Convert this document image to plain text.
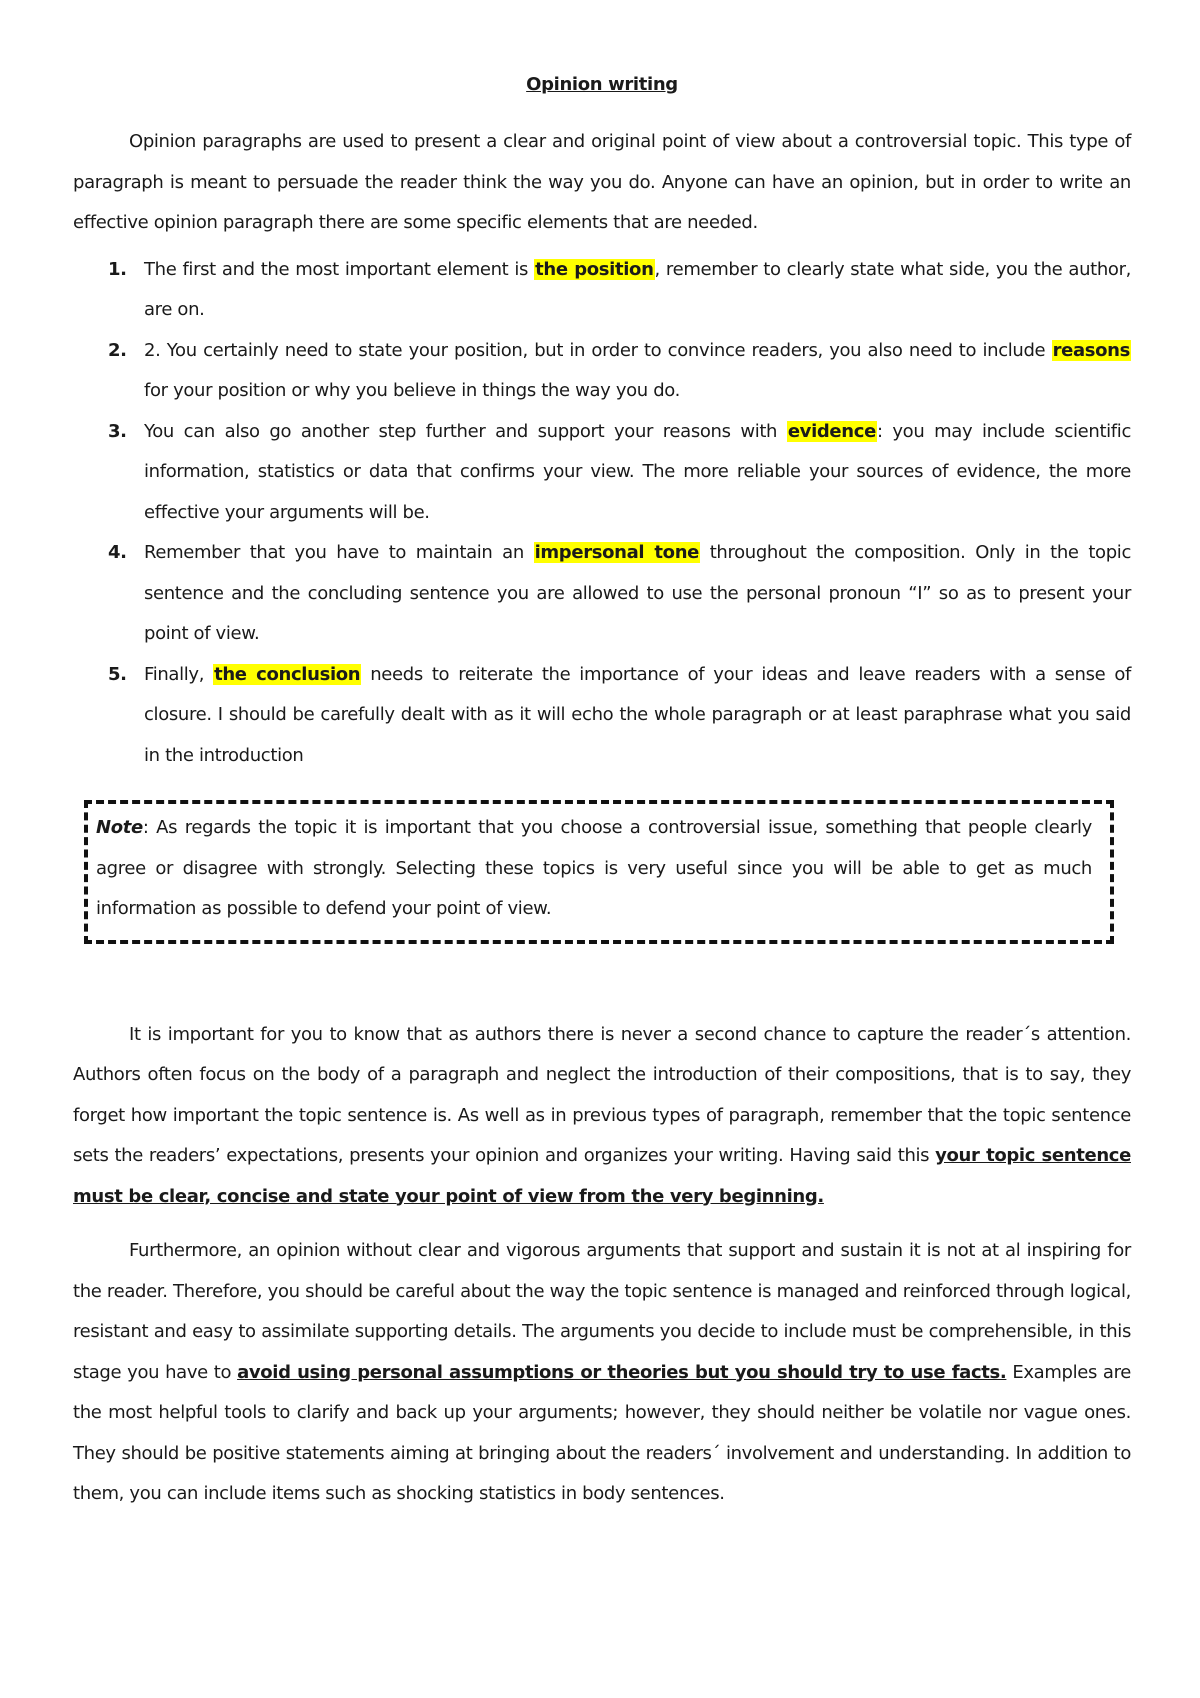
Opinion writing

Opinion paragraphs are used to present a clear and original point of view about a controversial topic. This type of paragraph is meant to persuade the reader think the way you do. Anyone can have an opinion, but in order to write an effective opinion paragraph there are some specific elements that are needed.

1. The first and the most important element is the position, remember to clearly state what side, you the author, are on.
2. 2. You certainly need to state your position, but in order to convince readers, you also need to include reasons for your position or why you believe in things the way you do.
3. You can also go another step further and support your reasons with evidence: you may include scientific information, statistics or data that confirms your view. The more reliable your sources of evidence, the more effective your arguments will be.
4. Remember that you have to maintain an impersonal tone throughout the composition. Only in the topic sentence and the concluding sentence you are allowed to use the personal pronoun “I” so as to present your point of view.
5. Finally, the conclusion needs to reiterate the importance of your ideas and leave readers with a sense of closure. I should be carefully dealt with as it will echo the whole paragraph or at least paraphrase what you said in the introduction

Note: As regards the topic it is important that you choose a controversial issue, something that people clearly agree or disagree with strongly. Selecting these topics is very useful since you will be able to get as much information as possible to defend your point of view.

It is important for you to know that as authors there is never a second chance to capture the reader´s attention. Authors often focus on the body of a paragraph and neglect the introduction of their compositions, that is to say, they forget how important the topic sentence is. As well as in previous types of paragraph, remember that the topic sentence sets the readers’ expectations, presents your opinion and organizes your writing. Having said this your topic sentence must be clear, concise and state your point of view from the very beginning.

Furthermore, an opinion without clear and vigorous arguments that support and sustain it is not at al inspiring for the reader. Therefore, you should be careful about the way the topic sentence is managed and reinforced through logical, resistant and easy to assimilate supporting details. The arguments you decide to include must be comprehensible, in this stage you have to avoid using personal assumptions or theories but you should try to use facts. Examples are the most helpful tools to clarify and back up your arguments; however, they should neither be volatile nor vague ones. They should be positive statements aiming at bringing about the readers´ involvement and understanding. In addition to them, you can include items such as shocking statistics in body sentences.
